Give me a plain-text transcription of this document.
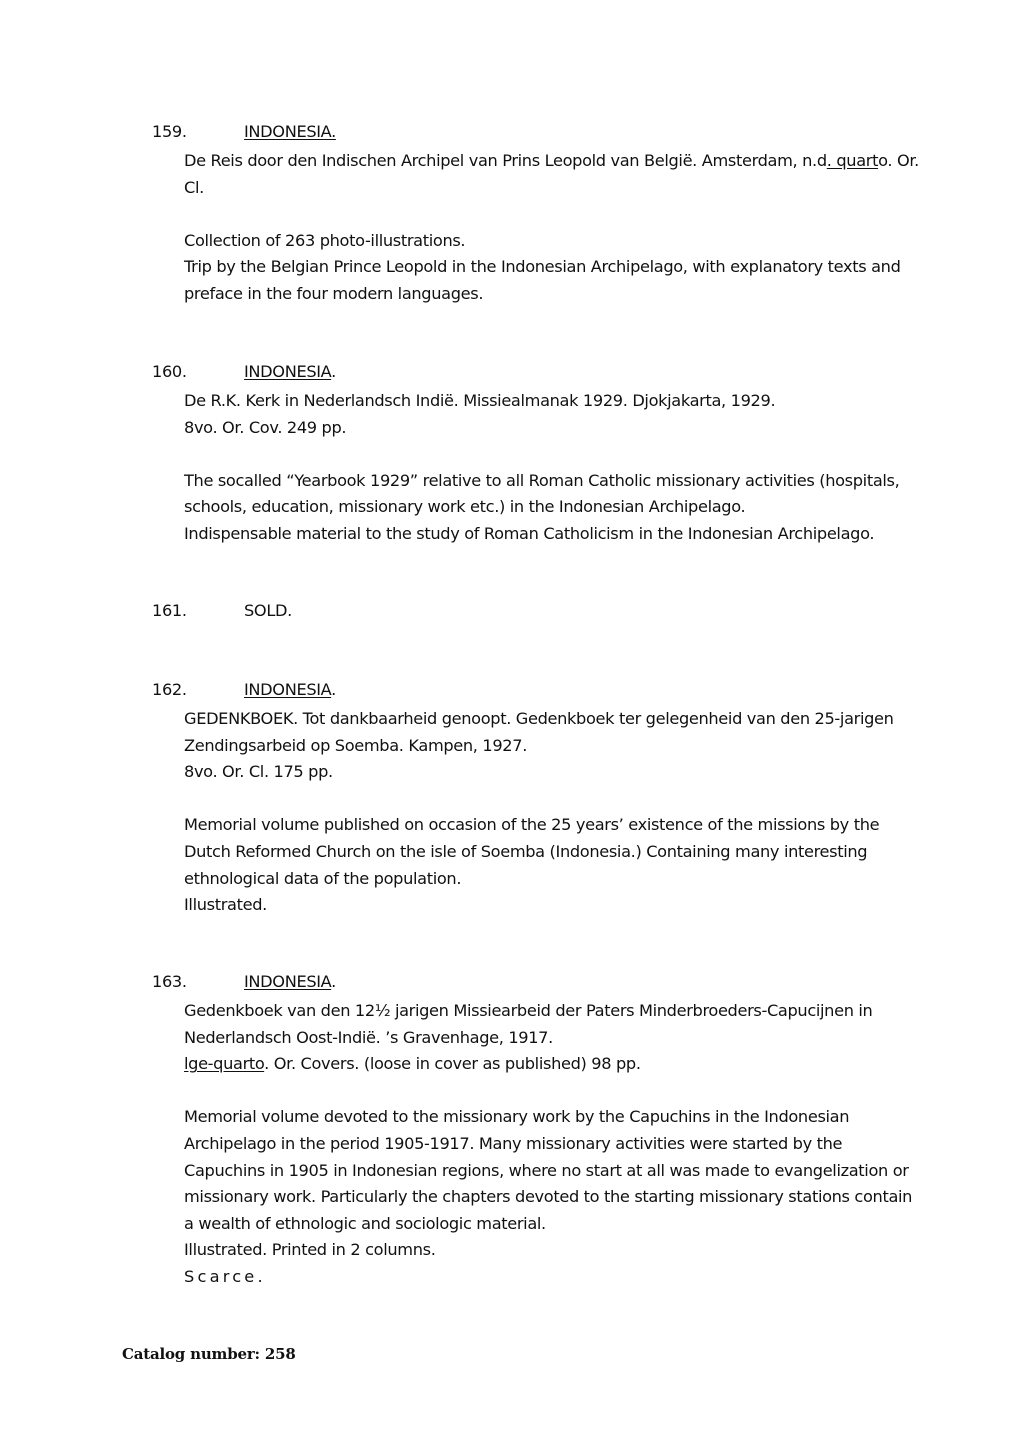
159.	INDONESIA.
De Reis door den Indischen Archipel van Prins Leopold van België. Amsterdam, n.d. quarto. Or.
Cl.
Collection of 263 photo-illustrations.
Trip by the Belgian Prince Leopold in the Indonesian Archipelago, with explanatory texts and
preface in the four modern languages.
160.	INDONESIA.
De R.K. Kerk in Nederlandsch Indië. Missiealmanak 1929. Djokjakarta, 1929.
8vo. Or. Cov. 249 pp.
The socalled “Yearbook 1929” relative to all Roman Catholic missionary activities (hospitals,
schools, education, missionary work etc.) in the Indonesian Archipelago.
Indispensable material to the study of Roman Catholicism in the Indonesian Archipelago.
161.	SOLD.
162.	INDONESIA.
GEDENKBOEK. Tot dankbaarheid genoopt. Gedenkboek ter gelegenheid van den 25-jarigen
Zendingsarbeid op Soemba. Kampen, 1927.
8vo. Or. Cl. 175 pp.
Memorial volume published on occasion of the 25 years’ existence of the missions by the
Dutch Reformed Church on the isle of Soemba (Indonesia.) Containing many interesting
ethnological data of the population.
Illustrated.
163.	INDONESIA.
Gedenkboek van den 12½ jarigen Missiearbeid der Paters Minderbroeders-Capucijnen in
Nederlandsch Oost-Indië. ’s Gravenhage, 1917.
lge-quarto. Or. Covers. (loose in cover as published) 98 pp.
Memorial volume devoted to the missionary work by the Capuchins in the Indonesian
Archipelago in the period 1905-1917. Many missionary activities were started by the
Capuchins in 1905 in Indonesian regions, where no start at all was made to evangelization or
missionary work. Particularly the chapters devoted to the starting missionary stations contain
a wealth of ethnologic and sociologic material.
Illustrated. Printed in 2 columns.
Scarce.
Catalog number: 258
